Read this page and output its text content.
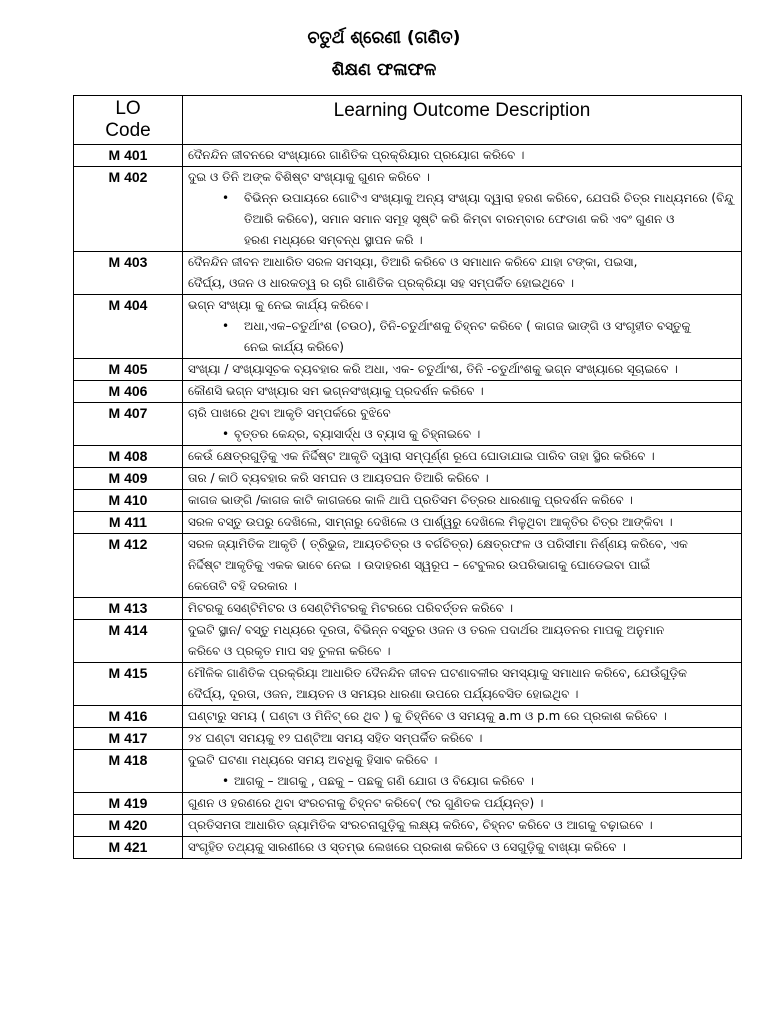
ଚତୁର୍ଥ ଶ୍ରେଣୀ (ଗଣିତ)
ଶିକ୍ଷଣ ଫଳାଫଳ
LO
Code	Learning Outcome Description
M 401	ଦୈନନ୍ଦିନ ଜୀବନରେ ସଂଖ୍ୟାରେ ଗାଣିତିକ ପ୍ରକ୍ରିୟାର ପ୍ରୟୋଗ କରିବେ ।

M 402	ଦୁଇ ଓ ତିନି ଅଙ୍କ ବିଶିଷ୍ଟ ସଂଖ୍ୟାକୁ ଗୁଣନ କରିବେ ।
• ବିଭିନ୍ନ ଉପାୟରେ ଗୋଟିଏ ସଂଖ୍ୟାକୁ ଅନ୍ୟ ସଂଖ୍ୟା ଦ୍ୱାରା ହରଣ କରିବେ, ଯେପରି ଚିତ୍ର ମାଧ୍ୟମରେ (ବିନ୍ଦୁ
ତିଆରି କରିବେ), ସମାନ ସମାନ ସମୂହ ସୃଷ୍ଟି କରି କିମ୍ବା ବାରମ୍ବାର ଫେଡାଣ କରି ଏବଂ ଗୁଣନ ଓ
ହରଣ ମଧ୍ୟରେ ସମ୍ବନ୍ଧ ସ୍ଥାପନ କରି ।

M 403	ଦୈନନ୍ଦିନ ଜୀବନ ଆଧାରିତ ସରଳ ସମସ୍ୟା, ତିଆରି କରିବେ ଓ ସମାଧାନ କରିବେ ଯାହା ଟଙ୍କା, ପଇସା,
ଦୈର୍ଘ୍ୟ, ଓଜନ ଓ ଧାରକତ୍ୱ ର ଚାରି ଗାଣିତିକ ପ୍ରକ୍ରିୟା ସହ ସମ୍ପର୍କିତ ହୋଇଥିବେ ।

M 404	ଭଗ୍ନ ସଂଖ୍ୟା କୁ ନେଇ କାର୍ଯ୍ୟ କରିବେ।
• ଅଧା,ଏକ–ଚତୁର୍ଥାଂଶ (ଚଉଠ), ତିନି-ଚତୁର୍ଥାଂଶକୁ ଚିହ୍ନଟ କରିବେ ( କାଗଜ ଭାଙ୍ଗି ଓ ସଂଗୃହୀତ ବସ୍ତୁକୁ
ନେଇ କାର୍ଯ୍ୟ କରିବେ)

M 405	ସଂଖ୍ୟା / ସଂଖ୍ୟାସୂଚକ ବ୍ୟବହାର କରି ଅଧା, ଏକ- ଚତୁର୍ଥାଂଶ, ତିନି -ଚତୁର୍ଥାଂଶକୁ ଭଗ୍ନ ସଂଖ୍ୟାରେ ସୂଚାଇବେ ।

M 406	କୌଣସି ଭଗ୍ନ ସଂଖ୍ୟାର ସମ ଭଗ୍ନସଂଖ୍ୟାକୁ ପ୍ରଦର୍ଶନ କରିବେ ।

M 407	ଚାରି ପାଖରେ ଥିବା ଆକୃତି ସମ୍ପର୍କରେ ବୁଝିବେ
• ବୃତ୍ତର କେନ୍ଦ୍ର, ବ୍ୟାସାର୍ଦ୍ଧ ଓ ବ୍ୟାସ କୁ ଚିହ୍ନାଇବେ ।

M 408	କେଉଁ କ୍ଷେତ୍ରଗୁଡ଼ିକୁ ଏକ ନିର୍ଦ୍ଦିଷ୍ଟ ଆକୃତି ଦ୍ୱାରା ସମ୍ପୂର୍ଣ୍ଣ ରୂପେ ଘୋଡାଯାଇ ପାରିବ ତାହା ସ୍ଥିର କରିବେ ।

M 409	ତାର / କାଠି ବ୍ୟବହାର କରି ସମଘନ ଓ ଆୟତଘନ ତିଆରି କରିବେ ।

M 410	କାଗଜ ଭାଙ୍ଗି /କାଗଜ କାଟି କାଗଜରେ କାଳି ଥାପି ପ୍ରତିସମ ଚିତ୍ରର ଧାରଣାକୁ ପ୍ରଦର୍ଶନ କରିବେ ।

M 411	ସରଳ ବସ୍ତୁ ଉପରୁ ଦେଖିଲେ, ସାମ୍ନାରୁ ଦେଖିଲେ ଓ ପାର୍ଶ୍ୱରୁ ଦେଖିଲେ ମିଳୁଥିବା ଆକୃତିର ଚିତ୍ର ଆଙ୍କିବା ।

M 412	ସରଳ ଜ୍ୟାମିତିକ ଆକୃତି ( ତ୍ରିଭୁଜ, ଆୟତଚିତ୍ର ଓ ବର୍ଗଚିତ୍ର) କ୍ଷେତ୍ରଫଳ ଓ ପରିସୀମା ନିର୍ଣ୍ଣୟ କରିବେ, ଏକ
ନିର୍ଦ୍ଦିଷ୍ଟ ଆକୃତିକୁ ଏକକ ଭାବେ ନେଇ । ଉଦାହରଣ ସ୍ୱରୂପ – ଟେବୁଲର ଉପରିଭାଗକୁ ଘୋଡେଇବା ପାଇଁ
କେତୋଟି ବହି ଦରକାର ।

M 413	ମିଟରକୁ ସେଣ୍ଟିମିଟର ଓ ସେଣ୍ଟିମିଟରକୁ ମିଟରରେ ପରିବର୍ତ୍ତନ କରିବେ ।

M 414	ଦୁଇଟି ସ୍ଥାନ/ ବସ୍ତୁ ମଧ୍ୟରେ ଦୂରତା, ବିଭିନ୍ନ ବସ୍ତୁର ଓଜନ ଓ ତରଳ ପଦାର୍ଥର ଆୟତନର ମାପକୁ ଅନୁମାନ
କରିବେ ଓ ପ୍ରକୃତ ମାପ ସହ ତୁଳନା କରିବେ ।

M 415	ମୌଳିକ ଗାଣିତିକ ପ୍ରକ୍ରିୟା ଆଧାରିତ ଦୈନନ୍ଦିନ ଜୀବନ ଘଟଣାବଳୀର ସମସ୍ୟାକୁ ସମାଧାନ କରିବେ, ଯେଉଁଗୁଡ଼ିକ
ଦୈର୍ଘ୍ୟ, ଦୂରତା, ଓଜନ, ଆୟତନ ଓ ସମୟର ଧାରଣା ଉପରେ ପର୍ଯ୍ୟବେସିତ ହୋଇଥିବ ।

M 416	ଘଣ୍ଟାରୁ ସମୟ ( ଘଣ୍ଟା ଓ ମିନିଟ୍ ରେ ଥିବ ) କୁ ଚିହ୍ନିବେ ଓ ସମୟକୁ a.m ଓ p.m ରେ ପ୍ରକାଶ କରିବେ ।

M 417	୨୪ ଘଣ୍ଟା ସମୟକୁ ୧୨ ଘଣ୍ଟିଆ ସମୟ ସହିତ ସମ୍ପର୍କିତ କରିବେ ।

M 418	ଦୁଇଟି ଘଟଣା ମଧ୍ୟରେ ସମୟ ଅବଧିକୁ ହିସାବ କରିବେ ।
• ଆଗକୁ – ଆଗକୁ , ପଛକୁ – ପଛକୁ ଗଣି ଯୋଗ ଓ ବିୟୋଗ କରିବେ ।

M 419	ଗୁଣନ ଓ ହରଣରେ ଥିବା ସଂରଚନାକୁ ଚିହ୍ନଟ କରିବେ( ୯ର ଗୁଣିତକ ପର୍ଯ୍ୟନ୍ତ) ।

M 420	ପ୍ରତିସମତା ଆଧାରିତ ଜ୍ୟାମିତିକ ସଂରଚନାଗୁଡ଼ିକୁ ଲକ୍ଷ୍ୟ କରିବେ, ଚିହ୍ନଟ କରିବେ ଓ ଆଗକୁ ବଢ଼ାଇବେ ।

M 421	ସଂଗୃହିତ ତଥ୍ୟକୁ ସାରଣୀରେ ଓ ସ୍ତମ୍ଭ ଲେଖରେ ପ୍ରକାଶ କରିବେ ଓ ସେଗୁଡ଼ିକୁ ବାଖ୍ୟା କରିବେ ।
